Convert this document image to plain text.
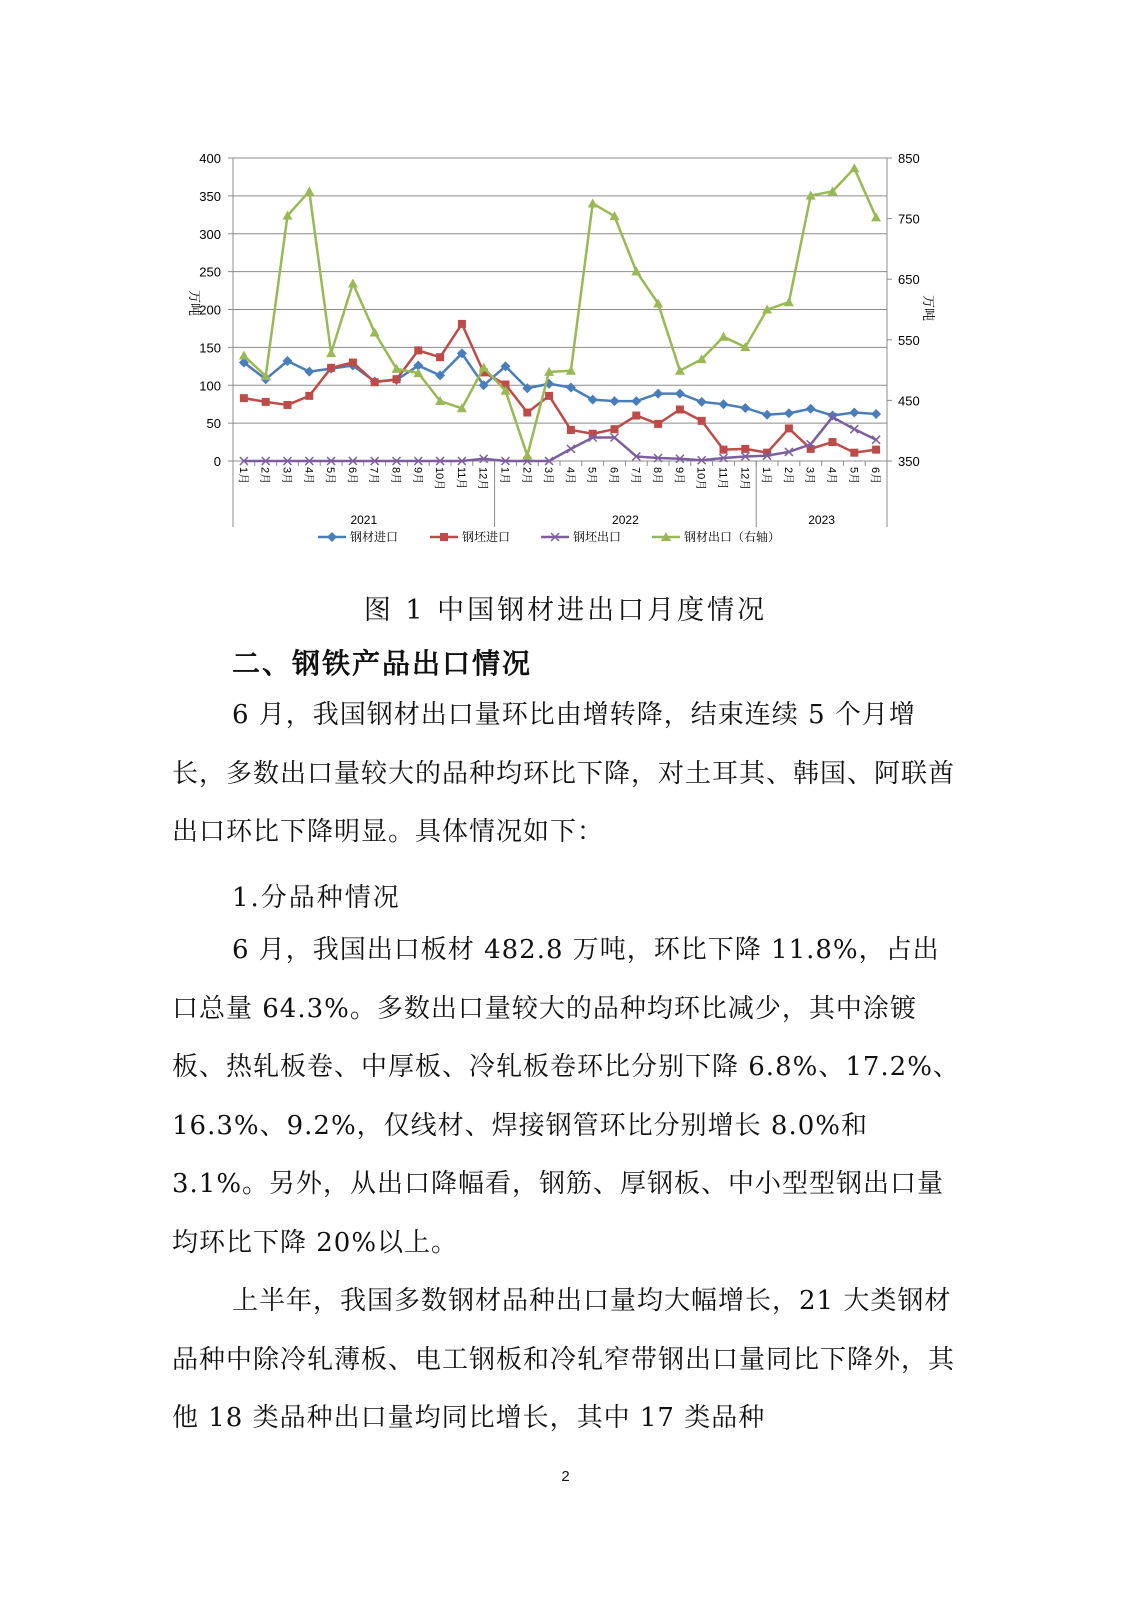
0
50
100
150
200
250
300
350
400
350
450
550
650
750
850
1月 2月 3月 4月 5月 6月 7月 8月 9月 10月 11月 12月 1月 2月 3月 4月 5月 6月 7月 8月 9月 10月 11月 12月 1月 2月 3月 4月 5月 6月
2021	2022	2023
钢材进口	钢坯进口	钢坯出口	钢材出口（右轴）
万吨	万吨
图 1 中国钢材进出口月度情况
二、钢铁产品出口情况

6 月，我国钢材出口量环比由增转降，结束连续 5 个月增长，多数出口量较大的品种均环比下降，对土耳其、韩国、阿联酋出口环比下降明显。具体情况如下：

1.分品种情况

6 月，我国出口板材 482.8 万吨，环比下降 11.8%，占出口总量 64.3%。多数出口量较大的品种均环比减少，其中涂镀板、热轧板卷、中厚板、冷轧板卷环比分别下降 6.8%、17.2%、16.3%、9.2%，仅线材、焊接钢管环比分别增长 8.0%和 3.1%。另外，从出口降幅看，钢筋、厚钢板、中小型型钢出口量均环比下降 20%以上。

上半年，我国多数钢材品种出口量均大幅增长，21 大类钢材品种中除冷轧薄板、电工钢板和冷轧窄带钢出口量同比下降外，其他 18 类品种出口量均同比增长，其中 17 类品种

2
